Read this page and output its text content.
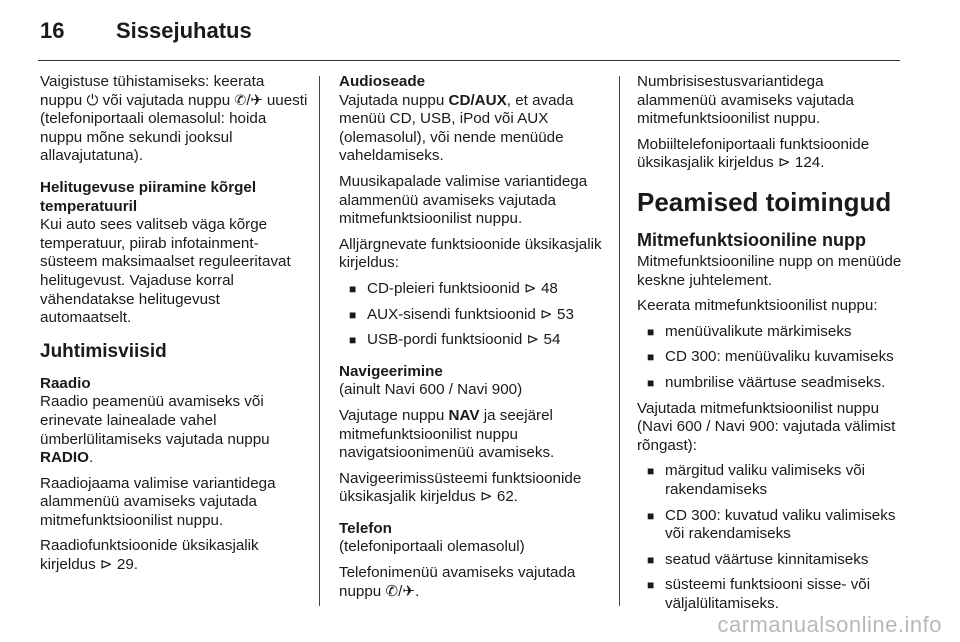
16	Sissejuhatus

Vaigistuse tühistamiseks: keerata nuppu ⏻ või vajutada nuppu ✆/✈ uuesti (telefoniportaali olemasolul: hoida nuppu mõne sekundi jooksul allavajutatuna).

Helitugevuse piiramine kõrgel temperatuuril

Kui auto sees valitseb väga kõrge temperatuur, piirab infotainment-süsteem maksimaalset reguleeritavat helitugevust. Vajaduse korral vähendatakse helitugevust automaatselt.

Juhtimisviisid

Raadio

Raadio peamenüü avamiseks või erinevate lainealade vahel ümberlülitamiseks vajutada nuppu RADIO.

Raadiojaama valimise variantidega alammenüü avamiseks vajutada mitmefunktsioonilist nuppu.

Raadiofunktsioonide üksikasjalik kirjeldus ⊳ 29.

Audioseade

Vajutada nuppu CD/AUX, et avada menüü CD, USB, iPod või AUX (olemasolul), või nende menüüde vaheldamiseks.

Muusikapalade valimise variantidega alammenüü avamiseks vajutada mitmefunktsioonilist nuppu.

Alljärgnevate funktsioonide üksikasjalik kirjeldus:

■ CD-pleieri funktsioonid ⊳ 48
■ AUX-sisendi funktsioonid ⊳ 53
■ USB-pordi funktsioonid ⊳ 54

Navigeerimine

(ainult Navi 600 / Navi 900)

Vajutage nuppu NAV ja seejärel mitmefunktsioonilist nuppu navigatsioonimenüü avamiseks.

Navigeerimissüsteemi funktsioonide üksikasjalik kirjeldus ⊳ 62.

Telefon

(telefoniportaali olemasolul)

Telefonimenüü avamiseks vajutada nuppu ✆/✈.

Numbrisisestusvariantidega alammenüü avamiseks vajutada mitmefunktsioonilist nuppu.

Mobiiltelefoniportaali funktsioonide üksikasjalik kirjeldus ⊳ 124.

Peamised toimingud
Mitmefunktsiooniline nupp

Mitmefunktsiooniline nupp on menüüde keskne juhtelement.

Keerata mitmefunktsioonilist nuppu:

■ menüüvalikute märkimiseks
■ CD 300: menüüvaliku kuvamiseks
■ numbrilise väärtuse seadmiseks.

Vajutada mitmefunktsioonilist nuppu (Navi 600 / Navi 900: vajutada välimist rõngast):

■ märgitud valiku valimiseks või rakendamiseks
■ CD 300: kuvatud valiku valimiseks või rakendamiseks
■ seatud väärtuse kinnitamiseks
■ süsteemi funktsiooni sisse- või väljalülitamiseks.
carmanualsonline.info
